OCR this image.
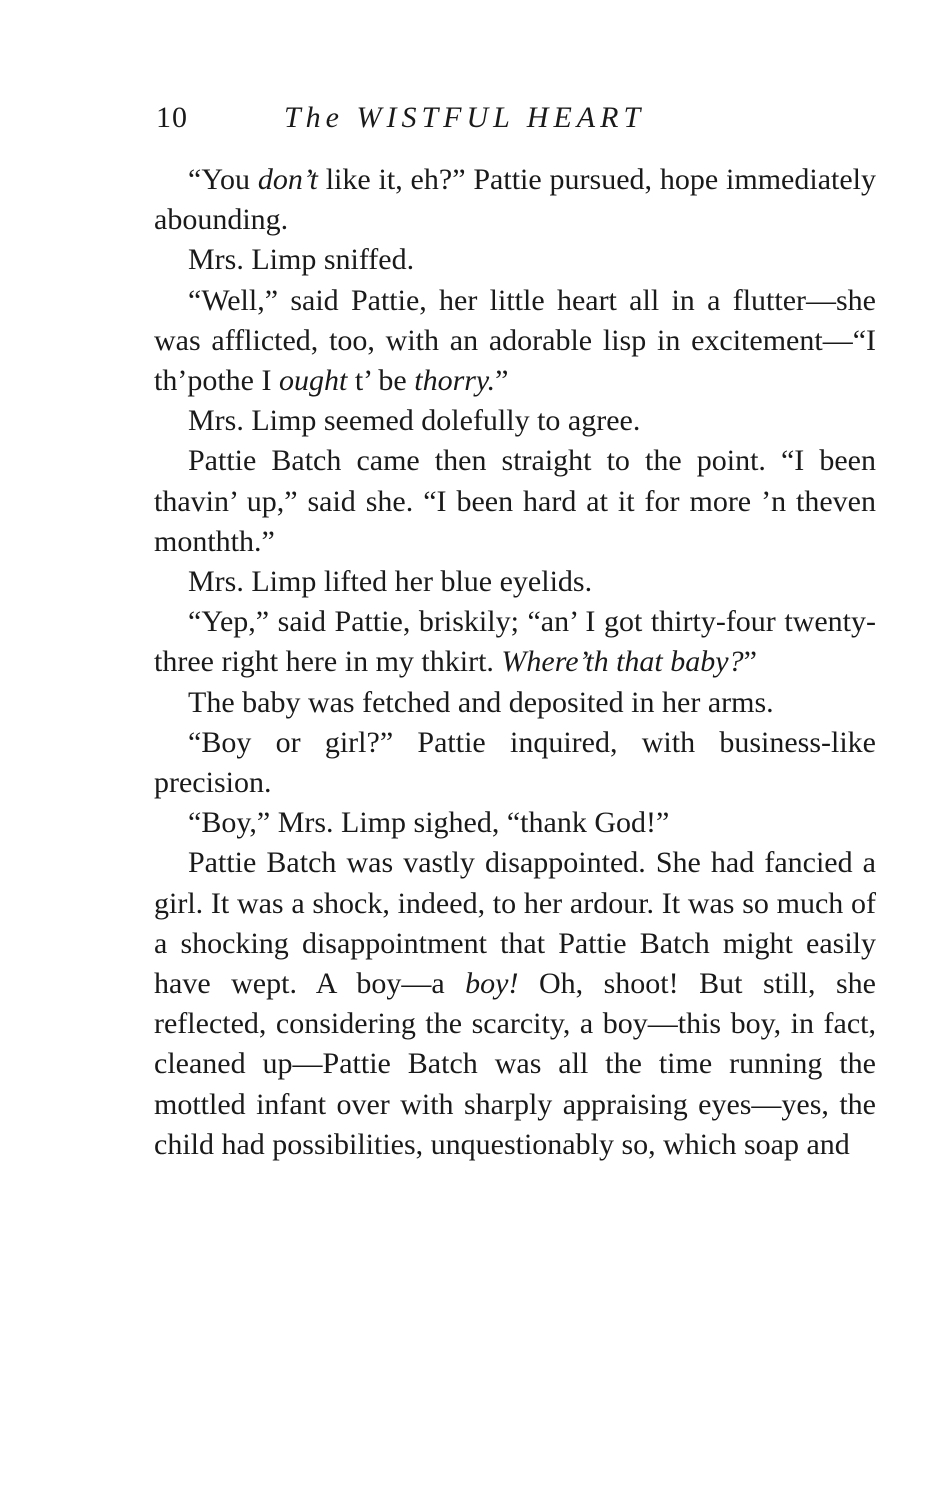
10	The WISTFUL HEART

“You don’t like it, eh?” Pattie pursued, hope immediately abounding.

Mrs. Limp sniffed.

“Well,” said Pattie, her little heart all in a flutter—she was afflicted, too, with an adorable lisp in excitement—“I th’pothe I ought t’ be thorry.”

Mrs. Limp seemed dolefully to agree.

Pattie Batch came then straight to the point. “I been thavin’ up,” said she. “I been hard at it for more ’n theven monthth.”

Mrs. Limp lifted her blue eyelids.

“Yep,” said Pattie, briskily; “an’ I got thirty-four twenty-three right here in my thkirt. Where’th that baby?”

The baby was fetched and deposited in her arms.

“Boy or girl?” Pattie inquired, with business-like precision.

“Boy,” Mrs. Limp sighed, “thank God!”

Pattie Batch was vastly disappointed. She had fancied a girl. It was a shock, indeed, to her ardour. It was so much of a shocking disappointment that Pattie Batch might easily have wept. A boy—a boy! Oh, shoot! But still, she reflected, considering the scarcity, a boy—this boy, in fact, cleaned up—Pattie Batch was all the time running the mottled infant over with sharply appraising eyes—yes, the child had possibilities, unquestionably so, which soap and
